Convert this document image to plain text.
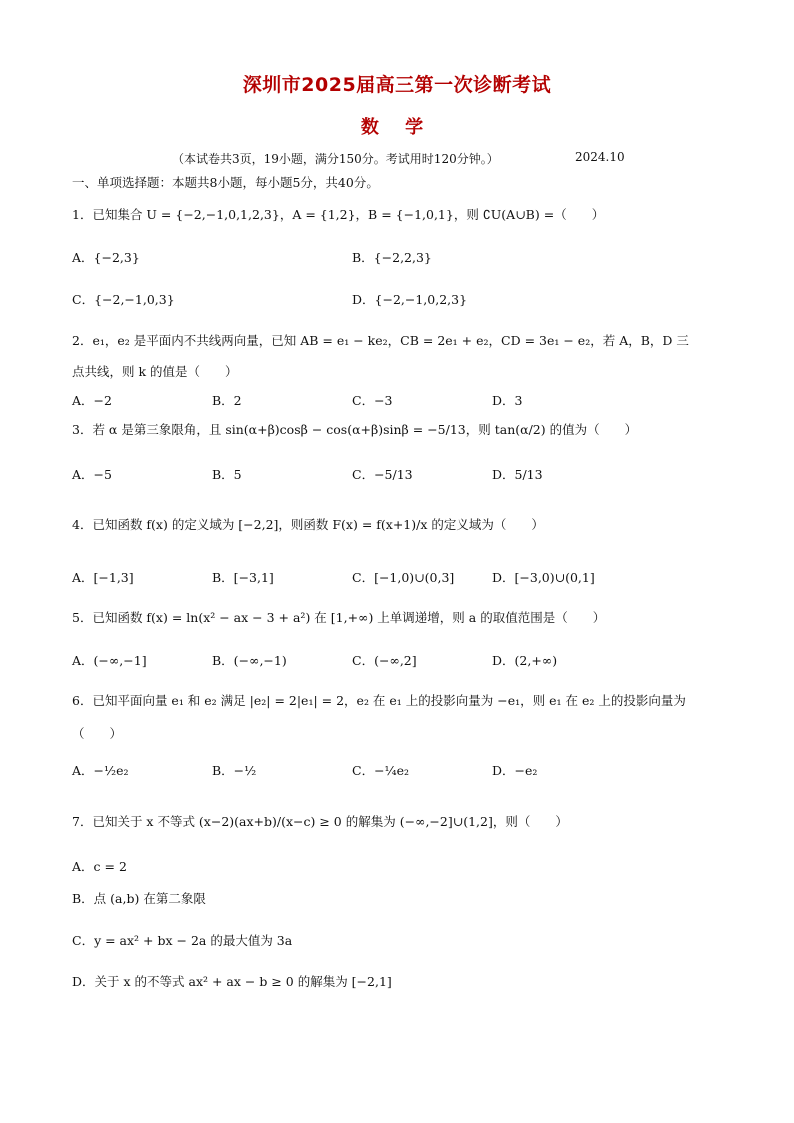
深圳市2025届高三第一次诊断考试
数 学
（本试卷共3页，19小题，满分150分。考试用时120分钟。）	2024.10
一、单项选择题：本题共8小题，每小题5分，共40分。
1．已知集合 U = {−2,−1,0,1,2,3}，A = {1,2}，B = {−1,0,1}，则 ∁U(A∪B) =（　　）
A．{−2,3}	B．{−2,2,3}
C．{−2,−1,0,3}	D．{−2,−1,0,2,3}
2．e₁，e₂ 是平面内不共线两向量，已知 AB = e₁ − ke₂，CB = 2e₁ + e₂，CD = 3e₁ − e₂，若 A，B，D 三
点共线，则 k 的值是（　　）
A．−2	B．2	C．−3	D．3
3．若 α 是第三象限角，且 sin(α+β)cosβ − cos(α+β)sinβ = −5/13，则 tan(α/2) 的值为（　　）
A．−5	B．5	C．−5/13	D．5/13
4．已知函数 f(x) 的定义域为 [−2,2]，则函数 F(x) = f(x+1)/x 的定义域为（　　）
A．[−1,3]	B．[−3,1]	C．[−1,0)∪(0,3]	D．[−3,0)∪(0,1]
5．已知函数 f(x) = ln(x² − ax − 3 + a²) 在 [1,+∞) 上单调递增，则 a 的取值范围是（　　）
A．(−∞,−1]	B．(−∞,−1)	C．(−∞,2]	D．(2,+∞)
6．已知平面向量 e₁ 和 e₂ 满足 |e₂| = 2|e₁| = 2，e₂ 在 e₁ 上的投影向量为 −e₁，则 e₁ 在 e₂ 上的投影向量为
（　　）
A．−½e₂	B．−½	C．−¼e₂	D．−e₂
7．已知关于 x 不等式 (x−2)(ax+b)/(x−c) ≥ 0 的解集为 (−∞,−2]∪(1,2]，则（　　）
A．c = 2
B．点 (a,b) 在第二象限
C．y = ax² + bx − 2a 的最大值为 3a
D．关于 x 的不等式 ax² + ax − b ≥ 0 的解集为 [−2,1]
